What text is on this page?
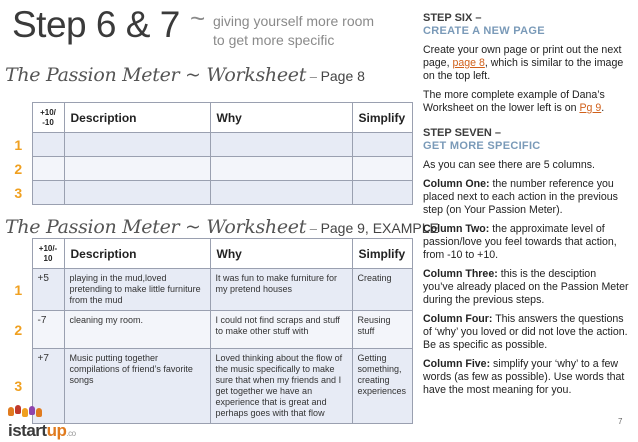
Step 6 & 7 ~ giving yourself more room
to get more specific
The Passion Meter ~ Worksheet – Page 8
	+10/
-10	Description	Why	Simplify
1				
2				
3				
The Passion Meter ~ Worksheet – Page 9, EXAMPLE
	+10/-
10	Description	Why	Simplify
1	+5	playing in the mud,loved pretending to make little furniture from the mud	It was fun to make furniture for my pretend houses	Creating
2	-7	cleaning my room.	I could not find scraps and stuff to make other stuff with	Reusing stuff
3	+7	Music putting together compilations of friend’s favorite songs	Loved thinking about the flow of the music specifically to make sure that when my friends and I get together we have an experience that is great and perhaps goes with that flow	Getting something, creating experiences
istartup.co
STEP SIX –
CREATE A NEW PAGE

Create your own page or print out the next page, page 8, which is similar to the image on the top left.

The more complete example of Dana’s Worksheet on the lower left is on Pg 9.

STEP SEVEN –
GET MORE SPECIFIC

As you can see there are 5 columns.

Column One: the number reference you placed next to each action in the previous step (on Your Passion Meter).

Column Two: the approximate level of passion/love you feel towards that action, from -10 to +10.

Column Three: this is the desciption you’ve already placed on the Passion Meter during the previous steps.

Column Four: This answers the questions of ‘why’ you loved or did not love the action. Be as specific as possible.

Column Five: simplify your ‘why’ to a few words (as few as possible). Use words that have the most meaning for you.

7
